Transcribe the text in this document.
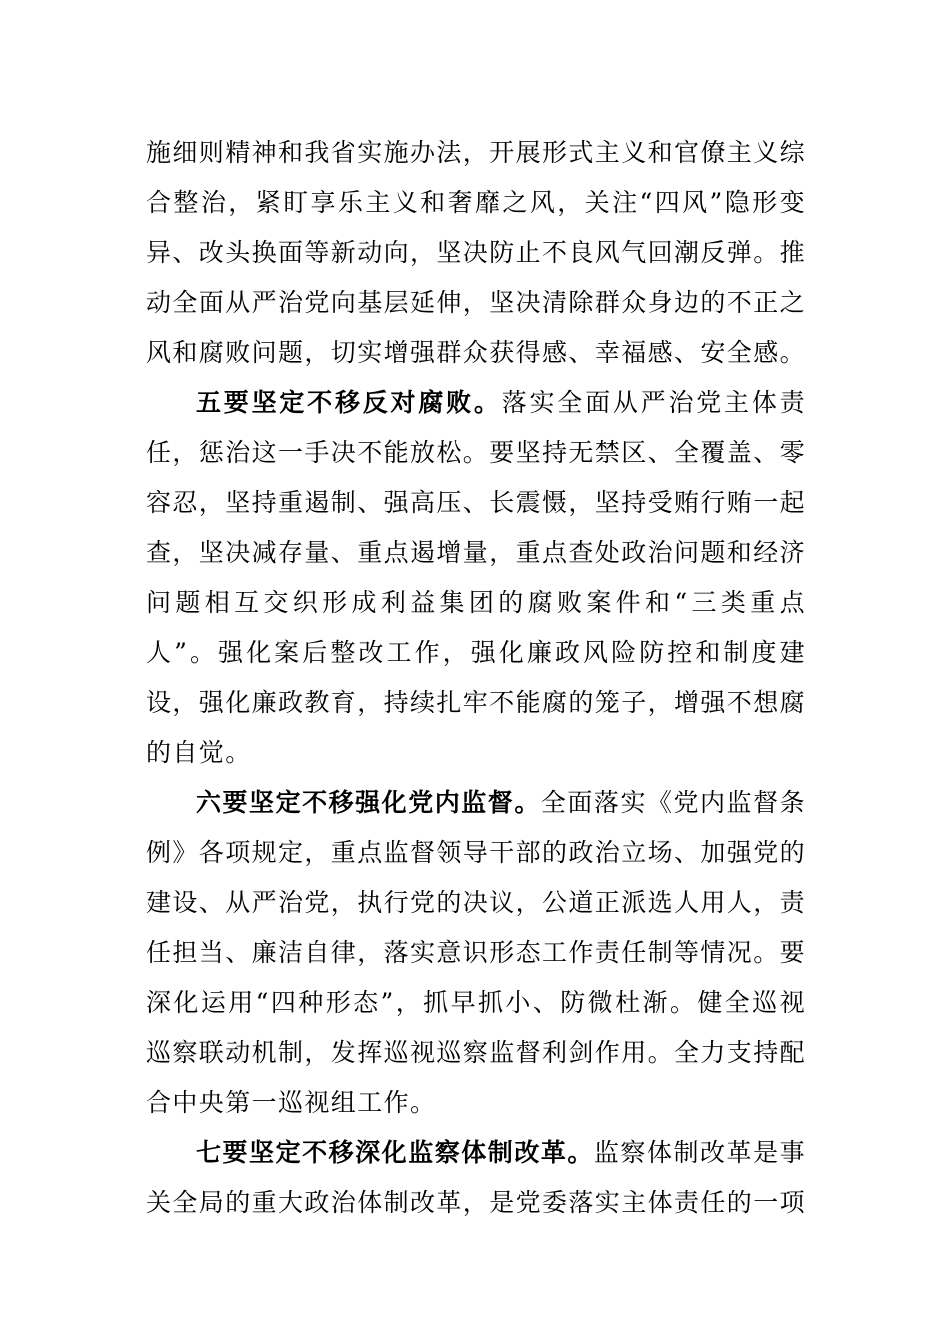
施细则精神和我省实施办法，开展形式主义和官僚主义综合整治，紧盯享乐主义和奢靡之风，关注“四风”隐形变异、改头换面等新动向，坚决防止不良风气回潮反弹。推动全面从严治党向基层延伸，坚决清除群众身边的不正之风和腐败问题，切实增强群众获得感、幸福感、安全感。

五要坚定不移反对腐败。落实全面从严治党主体责任，惩治这一手决不能放松。要坚持无禁区、全覆盖、零容忍，坚持重遏制、强高压、长震慑，坚持受贿行贿一起查，坚决减存量、重点遏增量，重点查处政治问题和经济问题相互交织形成利益集团的腐败案件和“三类重点人”。强化案后整改工作，强化廉政风险防控和制度建设，强化廉政教育，持续扎牢不能腐的笼子，增强不想腐的自觉。

六要坚定不移强化党内监督。全面落实《党内监督条例》各项规定，重点监督领导干部的政治立场、加强党的建设、从严治党，执行党的决议，公道正派选人用人，责任担当、廉洁自律，落实意识形态工作责任制等情况。要深化运用“四种形态”，抓早抓小、防微杜渐。健全巡视巡察联动机制，发挥巡视巡察监督利剑作用。全力支持配合中央第一巡视组工作。

七要坚定不移深化监察体制改革。监察体制改革是事关全局的重大政治体制改革，是党委落实主体责任的一项
